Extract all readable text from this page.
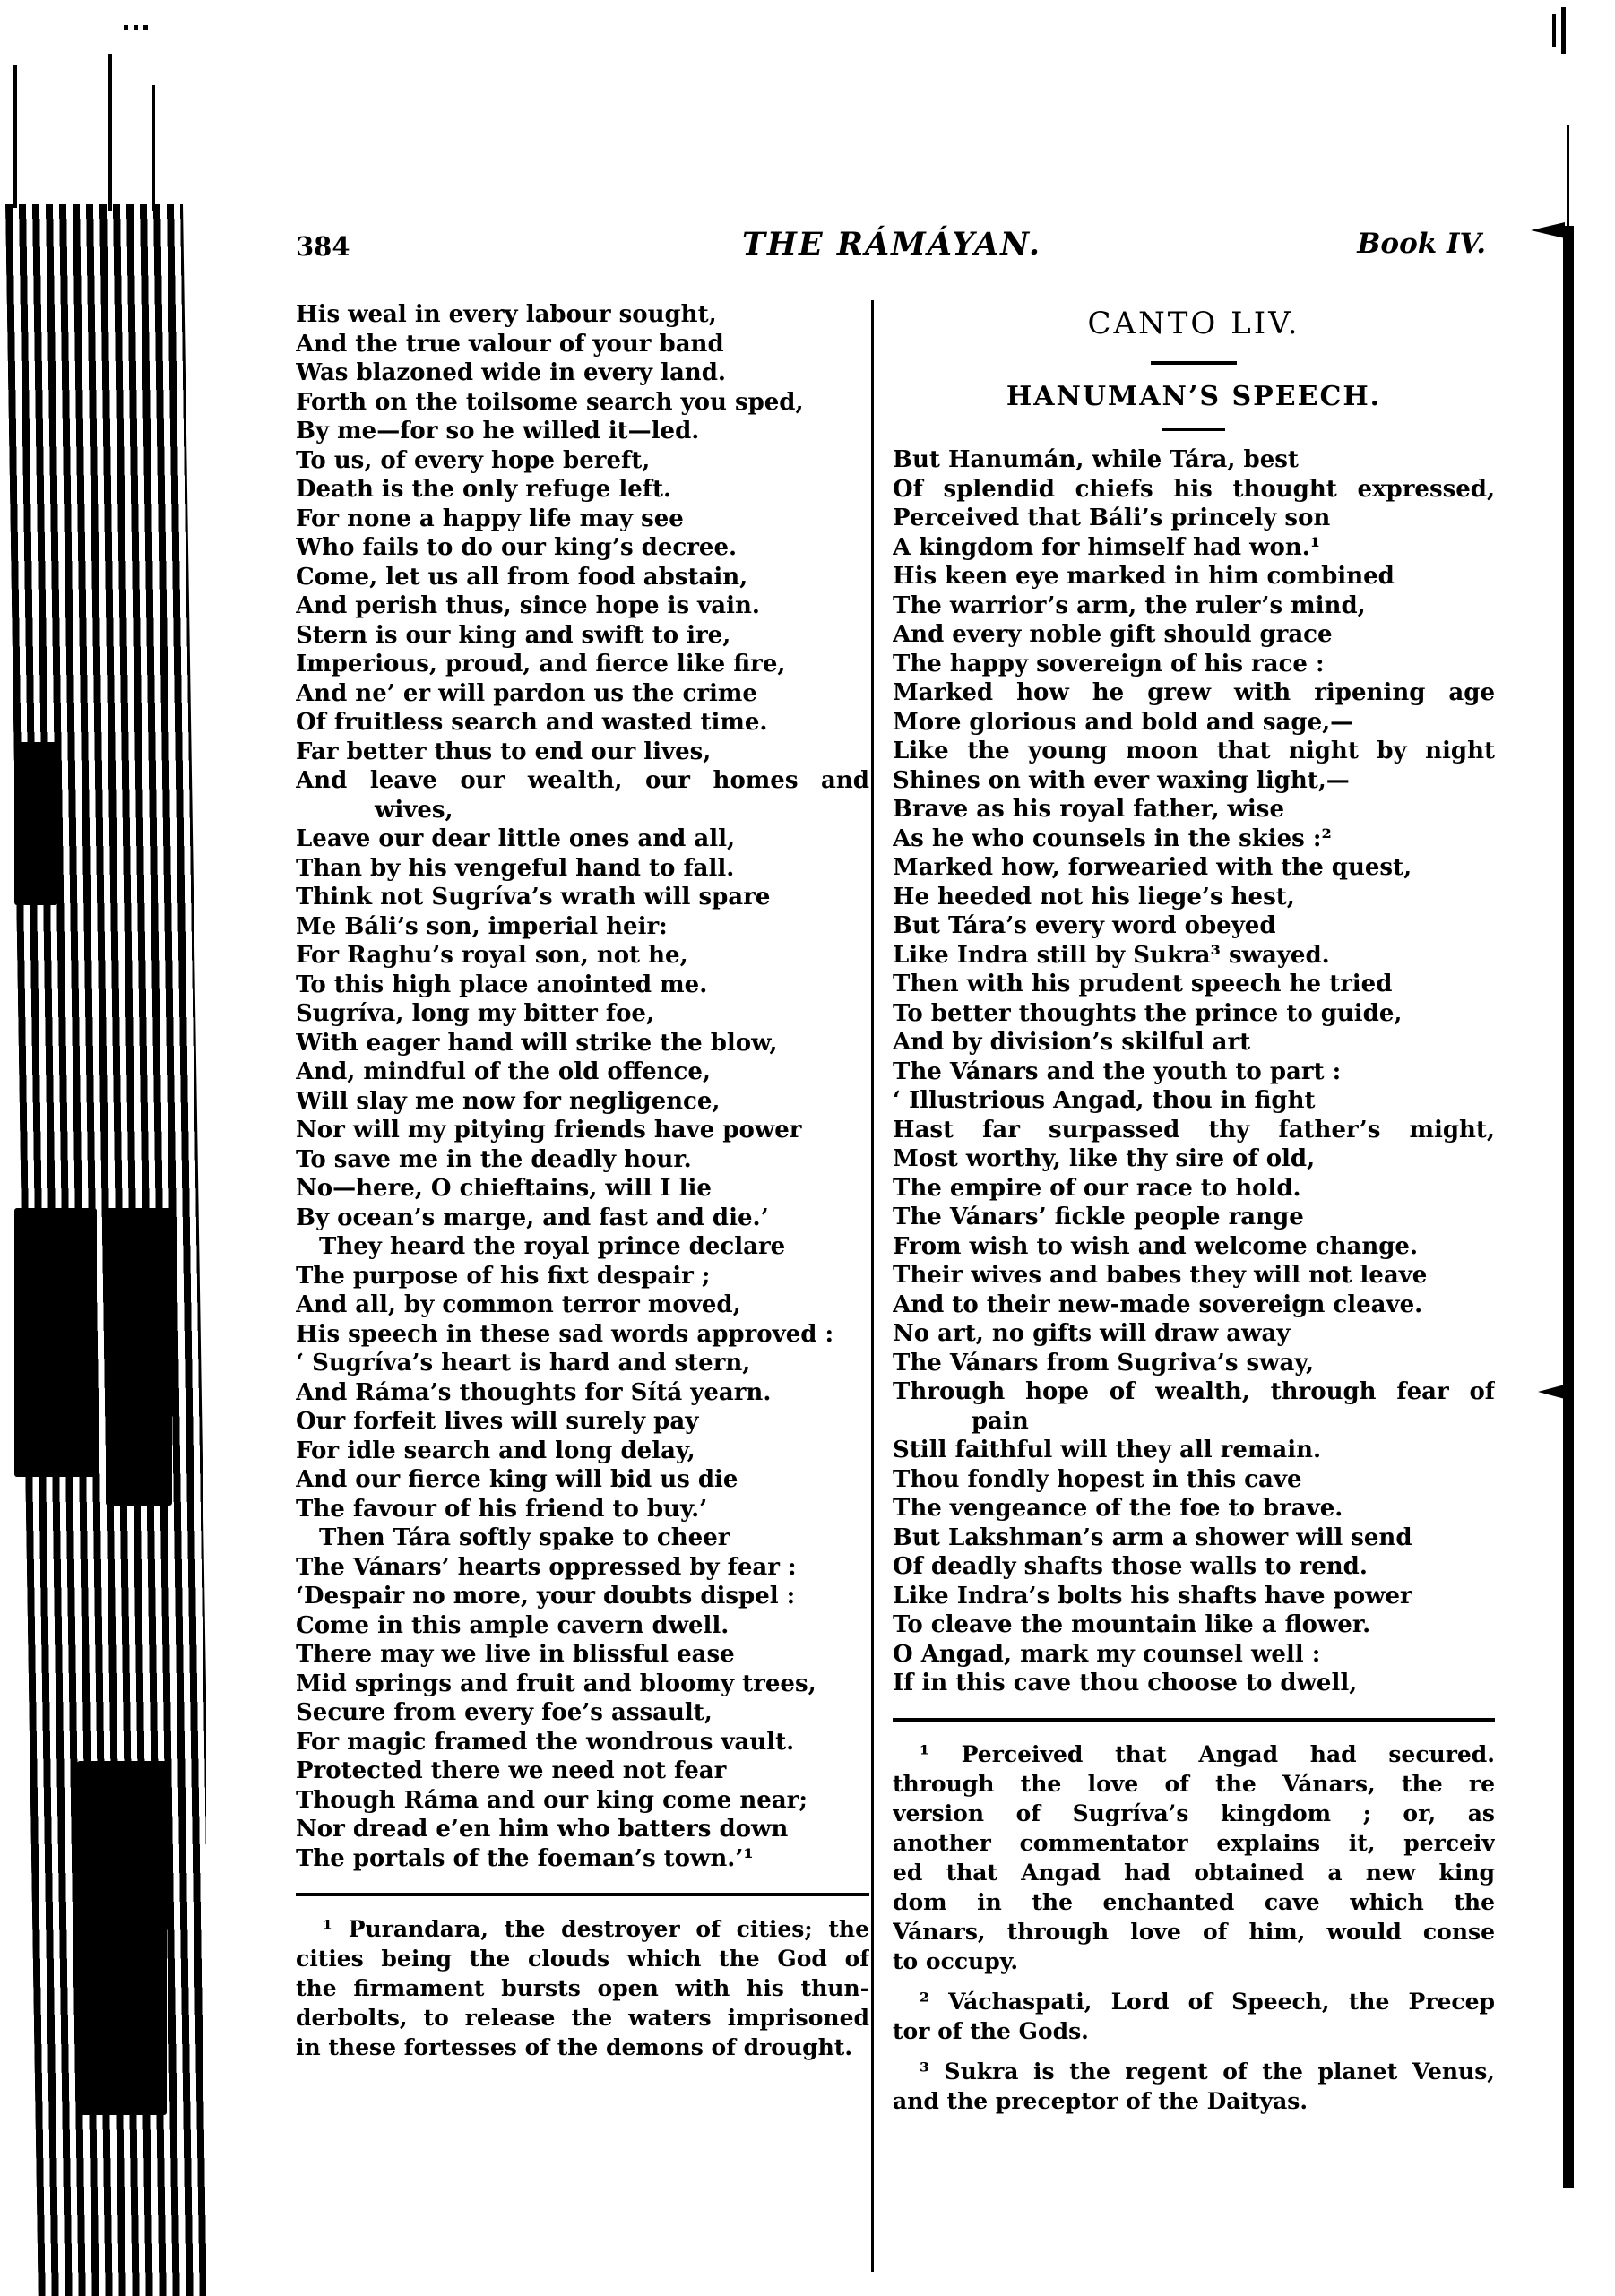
384	THE RÁMÁYAN.	Book IV.
His weal in every labour sought,
And the true valour of your band
Was blazoned wide in every land.
Forth on the toilsome search you sped,
By me—for so he willed it—led.
To us, of every hope bereft,
Death is the only refuge left.
For none a happy life may see
Who fails to do our king’s decree.
Come, let us all from food abstain,
And perish thus, since hope is vain.
Stern is our king and swift to ire,
Imperious, proud, and fierce like fire,
And ne’ er will pardon us the crime
Of fruitless search and wasted time.
Far better thus to end our lives,
And leave our wealth, our homes and
wives,
Leave our dear little ones and all,
Than by his vengeful hand to fall.
Think not Sugríva’s wrath will spare
Me Báli’s son, imperial heir:
For Raghu’s royal son, not he,
To this high place anointed me.
Sugríva, long my bitter foe,
With eager hand will strike the blow,
And, mindful of the old offence,
Will slay me now for negligence,
Nor will my pitying friends have power
To save me in the deadly hour.
No—here, O chieftains, will I lie
By ocean’s marge, and fast and die.’
They heard the royal prince declare
The purpose of his fixt despair ;
And all, by common terror moved,
His speech in these sad words approved :
‘ Sugríva’s heart is hard and stern,
And Ráma’s thoughts for Sítá yearn.
Our forfeit lives will surely pay
For idle search and long delay,
And our fierce king will bid us die
The favour of his friend to buy.’
Then Tára softly spake to cheer
The Vánars’ hearts oppressed by fear :
‘Despair no more, your doubts dispel :
Come in this ample cavern dwell.
There may we live in blissful ease
Mid springs and fruit and bloomy trees,
Secure from every foe’s assault,
For magic framed the wondrous vault.
Protected there we need not fear
Though Ráma and our king come near;
Nor dread e’en him who batters down
The portals of the foeman’s town.’¹
¹ Purandara, the destroyer of cities; the
cities being the clouds which the God of
the firmament bursts open with his thun-
derbolts, to release the waters imprisoned
in these fortesses of the demons of drought.
CANTO LIV.
HANUMAN’S SPEECH.
But Hanumán, while Tára, best
Of splendid chiefs his thought expressed,
Perceived that Báli’s princely son
A kingdom for himself had won.¹
His keen eye marked in him combined
The warrior’s arm, the ruler’s mind,
And every noble gift should grace
The happy sovereign of his race :
Marked how he grew with ripening age
More glorious and bold and sage,—
Like the young moon that night by night
Shines on with ever waxing light,—
Brave as his royal father, wise
As he who counsels in the skies :²
Marked how, forwearied with the quest,
He heeded not his liege’s hest,
But Tára’s every word obeyed
Like Indra still by Sukra³ swayed.
Then with his prudent speech he tried
To better thoughts the prince to guide,
And by division’s skilful art
The Vánars and the youth to part :
‘ Illustrious Angad, thou in fight
Hast far surpassed thy father’s might,
Most worthy, like thy sire of old,
The empire of our race to hold.
The Vánars’ fickle people range
From wish to wish and welcome change.
Their wives and babes they will not leave
And to their new-made sovereign cleave.
No art, no gifts will draw away
The Vánars from Sugriva’s sway,
Through hope of wealth, through fear of
pain
Still faithful will they all remain.
Thou fondly hopest in this cave
The vengeance of the foe to brave.
But Lakshman’s arm a shower will send
Of deadly shafts those walls to rend.
Like Indra’s bolts his shafts have power
To cleave the mountain like a flower.
O Angad, mark my counsel well :
If in this cave thou choose to dwell,
¹ Perceived that Angad had secured.
through the love of the Vánars, the re
version of Sugríva’s kingdom ; or, as
another commentator explains it, perceiv
ed that Angad had obtained a new king
dom in the enchanted cave which the
Vánars, through love of him, would conse
to occupy.
² Váchaspati, Lord of Speech, the Precep
tor of the Gods.
³ Sukra is the regent of the planet Venus,
and the preceptor of the Daityas.
